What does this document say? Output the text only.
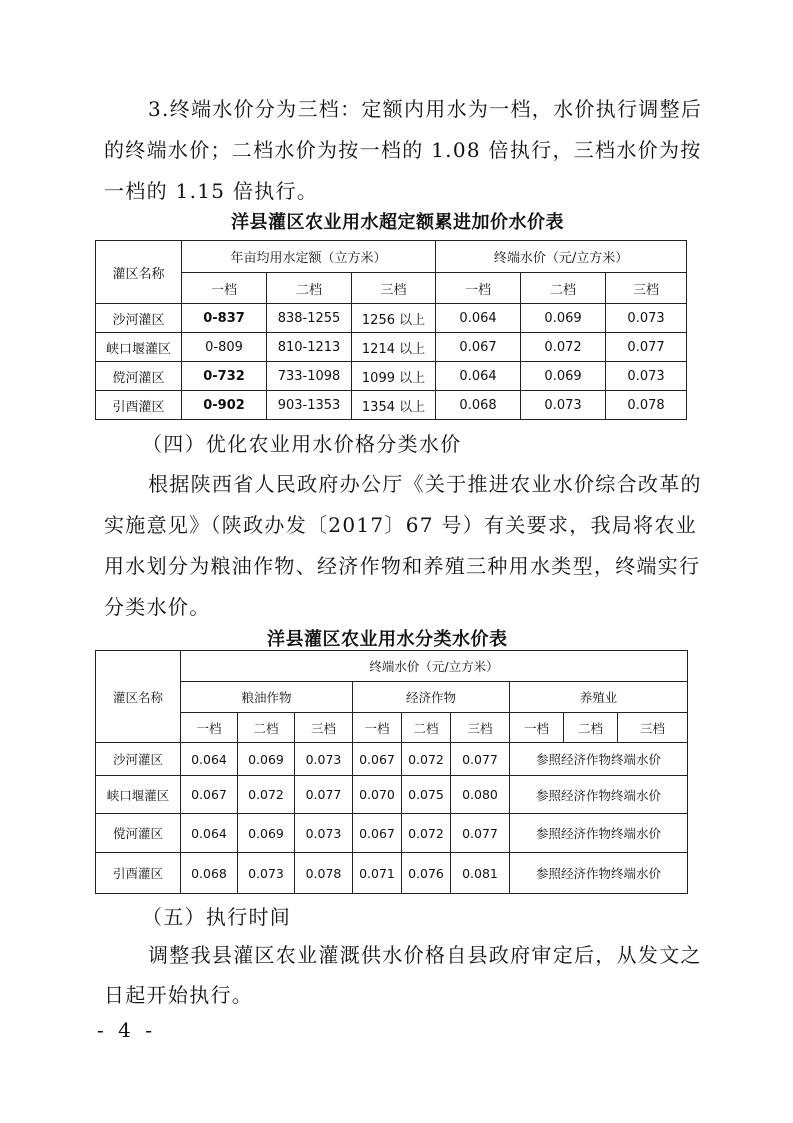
3.终端水价分为三档：定额内用水为一档，水价执行调整后
的终端水价；二档水价为按一档的 1.08 倍执行，三档水价为按
一档的 1.15 倍执行。
洋县灌区农业用水超定额累进加价水价表
灌区名称	年亩均用水定额（立方米）			终端水价（元/立方米）		
	一档	二档	三档	一档	二档	三档
沙河灌区	0-837	838-1255	1256 以上	0.064	0.069	0.073
峡口堰灌区	0-809	810-1213	1214 以上	0.067	0.072	0.077
傥河灌区	0-732	733-1098	1099 以上	0.064	0.069	0.073
引酉灌区	0-902	903-1353	1354 以上	0.068	0.073	0.078
（四）优化农业用水价格分类水价
根据陕西省人民政府办公厅《关于推进农业水价综合改革的
实施意见》（陕政办发〔2017〕67 号）有关要求，我局将农业
用水划分为粮油作物、经济作物和养殖三种用水类型，终端实行
分类水价。
洋县灌区农业用水分类水价表
灌区名称	终端水价（元/立方米）								
	粮油作物			经济作物			养殖业		
	一档	二档	三档	一档	二档	三档	一档	二档	三档
沙河灌区	0.064	0.069	0.073	0.067	0.072	0.077	参照经济作物终端水价		
峡口堰灌区	0.067	0.072	0.077	0.070	0.075	0.080	参照经济作物终端水价		
傥河灌区	0.064	0.069	0.073	0.067	0.072	0.077	参照经济作物终端水价		
引酉灌区	0.068	0.073	0.078	0.071	0.076	0.081	参照经济作物终端水价		
（五）执行时间
调整我县灌区农业灌溉供水价格自县政府审定后，从发文之
日起开始执行。
- 4 -
